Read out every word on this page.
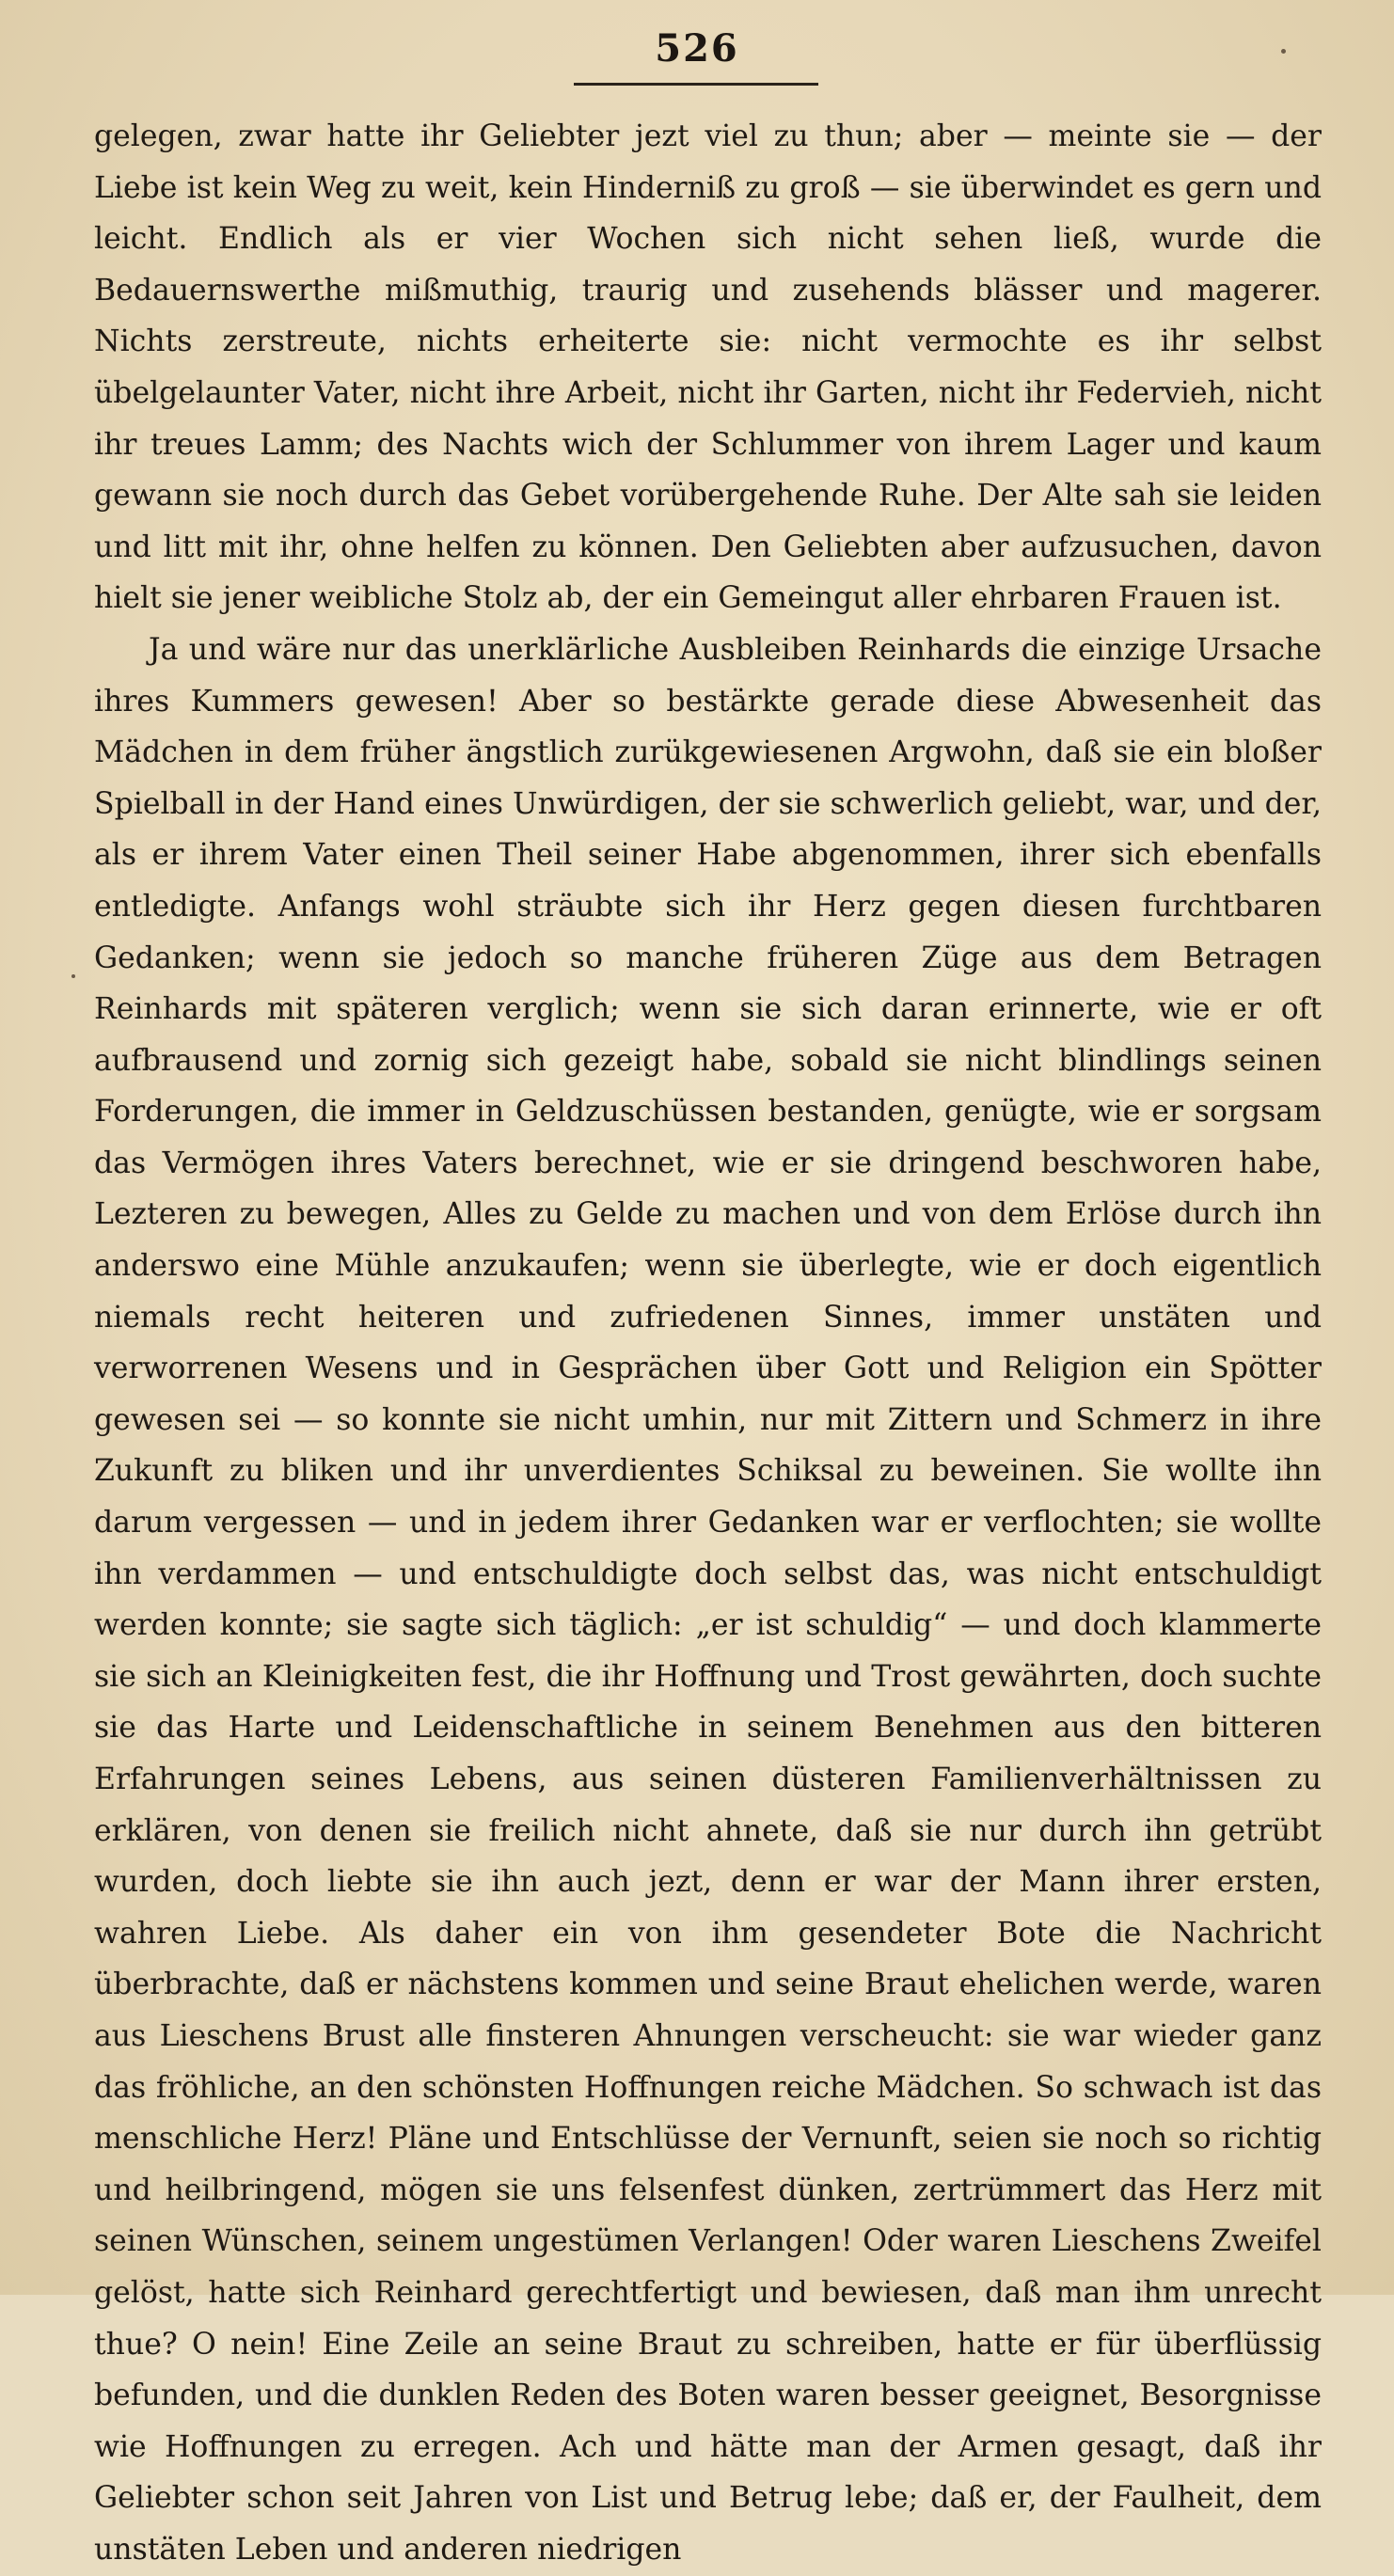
526

gelegen, zwar hatte ihr Geliebter jezt viel zu thun; aber — meinte sie — der Liebe ist kein Weg zu weit, kein Hinderniß zu groß — sie überwindet es gern und leicht. Endlich als er vier Wochen sich nicht sehen ließ, wurde die Bedauernswerthe mißmuthig, traurig und zusehends blässer und magerer. Nichts zerstreute, nichts erheiterte sie: nicht vermochte es ihr selbst übelgelaunter Vater, nicht ihre Arbeit, nicht ihr Garten, nicht ihr Federvieh, nicht ihr treues Lamm; des Nachts wich der Schlummer von ihrem Lager und kaum gewann sie noch durch das Gebet vorübergehende Ruhe. Der Alte sah sie leiden und litt mit ihr, ohne helfen zu können. Den Geliebten aber aufzusuchen, davon hielt sie jener weibliche Stolz ab, der ein Gemeingut aller ehrbaren Frauen ist.

Ja und wäre nur das unerklärliche Ausbleiben Reinhards die einzige Ursache ihres Kummers gewesen! Aber so bestärkte gerade diese Abwesenheit das Mädchen in dem früher ängstlich zurükgewiesenen Argwohn, daß sie ein bloßer Spielball in der Hand eines Unwürdigen, der sie schwerlich geliebt, war, und der, als er ihrem Vater einen Theil seiner Habe abgenommen, ihrer sich ebenfalls entledigte. Anfangs wohl sträubte sich ihr Herz gegen diesen furchtbaren Gedanken; wenn sie jedoch so manche früheren Züge aus dem Betragen Reinhards mit späteren verglich; wenn sie sich daran erinnerte, wie er oft aufbrausend und zornig sich gezeigt habe, sobald sie nicht blindlings seinen Forderungen, die immer in Geldzuschüssen bestanden, genügte, wie er sorgsam das Vermögen ihres Vaters berechnet, wie er sie dringend beschworen habe, Lezteren zu bewegen, Alles zu Gelde zu machen und von dem Erlöse durch ihn anderswo eine Mühle anzukaufen; wenn sie überlegte, wie er doch eigentlich niemals recht heiteren und zufriedenen Sinnes, immer unstäten und verworrenen Wesens und in Gesprächen über Gott und Religion ein Spötter gewesen sei — so konnte sie nicht umhin, nur mit Zittern und Schmerz in ihre Zukunft zu bliken und ihr unverdientes Schiksal zu beweinen. Sie wollte ihn darum vergessen — und in jedem ihrer Gedanken war er verflochten; sie wollte ihn verdammen — und entschuldigte doch selbst das, was nicht entschuldigt werden konnte; sie sagte sich täglich: „er ist schuldig“ — und doch klammerte sie sich an Kleinigkeiten fest, die ihr Hoffnung und Trost gewährten, doch suchte sie das Harte und Leidenschaftliche in seinem Benehmen aus den bitteren Erfahrungen seines Lebens, aus seinen düsteren Familienverhältnissen zu erklären, von denen sie freilich nicht ahnete, daß sie nur durch ihn getrübt wurden, doch liebte sie ihn auch jezt, denn er war der Mann ihrer ersten, wahren Liebe. Als daher ein von ihm gesendeter Bote die Nachricht überbrachte, daß er nächstens kommen und seine Braut ehelichen werde, waren aus Lieschens Brust alle finsteren Ahnungen verscheucht: sie war wieder ganz das fröhliche, an den schönsten Hoffnungen reiche Mädchen. So schwach ist das menschliche Herz! Pläne und Entschlüsse der Vernunft, seien sie noch so richtig und heilbringend, mögen sie uns felsenfest dünken, zertrümmert das Herz mit seinen Wünschen, seinem ungestümen Verlangen! Oder waren Lieschens Zweifel gelöst, hatte sich Reinhard gerechtfertigt und bewiesen, daß man ihm unrecht thue? O nein! Eine Zeile an seine Braut zu schreiben, hatte er für überflüssig befunden, und die dunklen Reden des Boten waren besser geeignet, Besorgnisse wie Hoffnungen zu erregen. Ach und hätte man der Armen gesagt, daß ihr Geliebter schon seit Jahren von List und Betrug lebe; daß er, der Faulheit, dem unstäten Leben und anderen niedrigen
